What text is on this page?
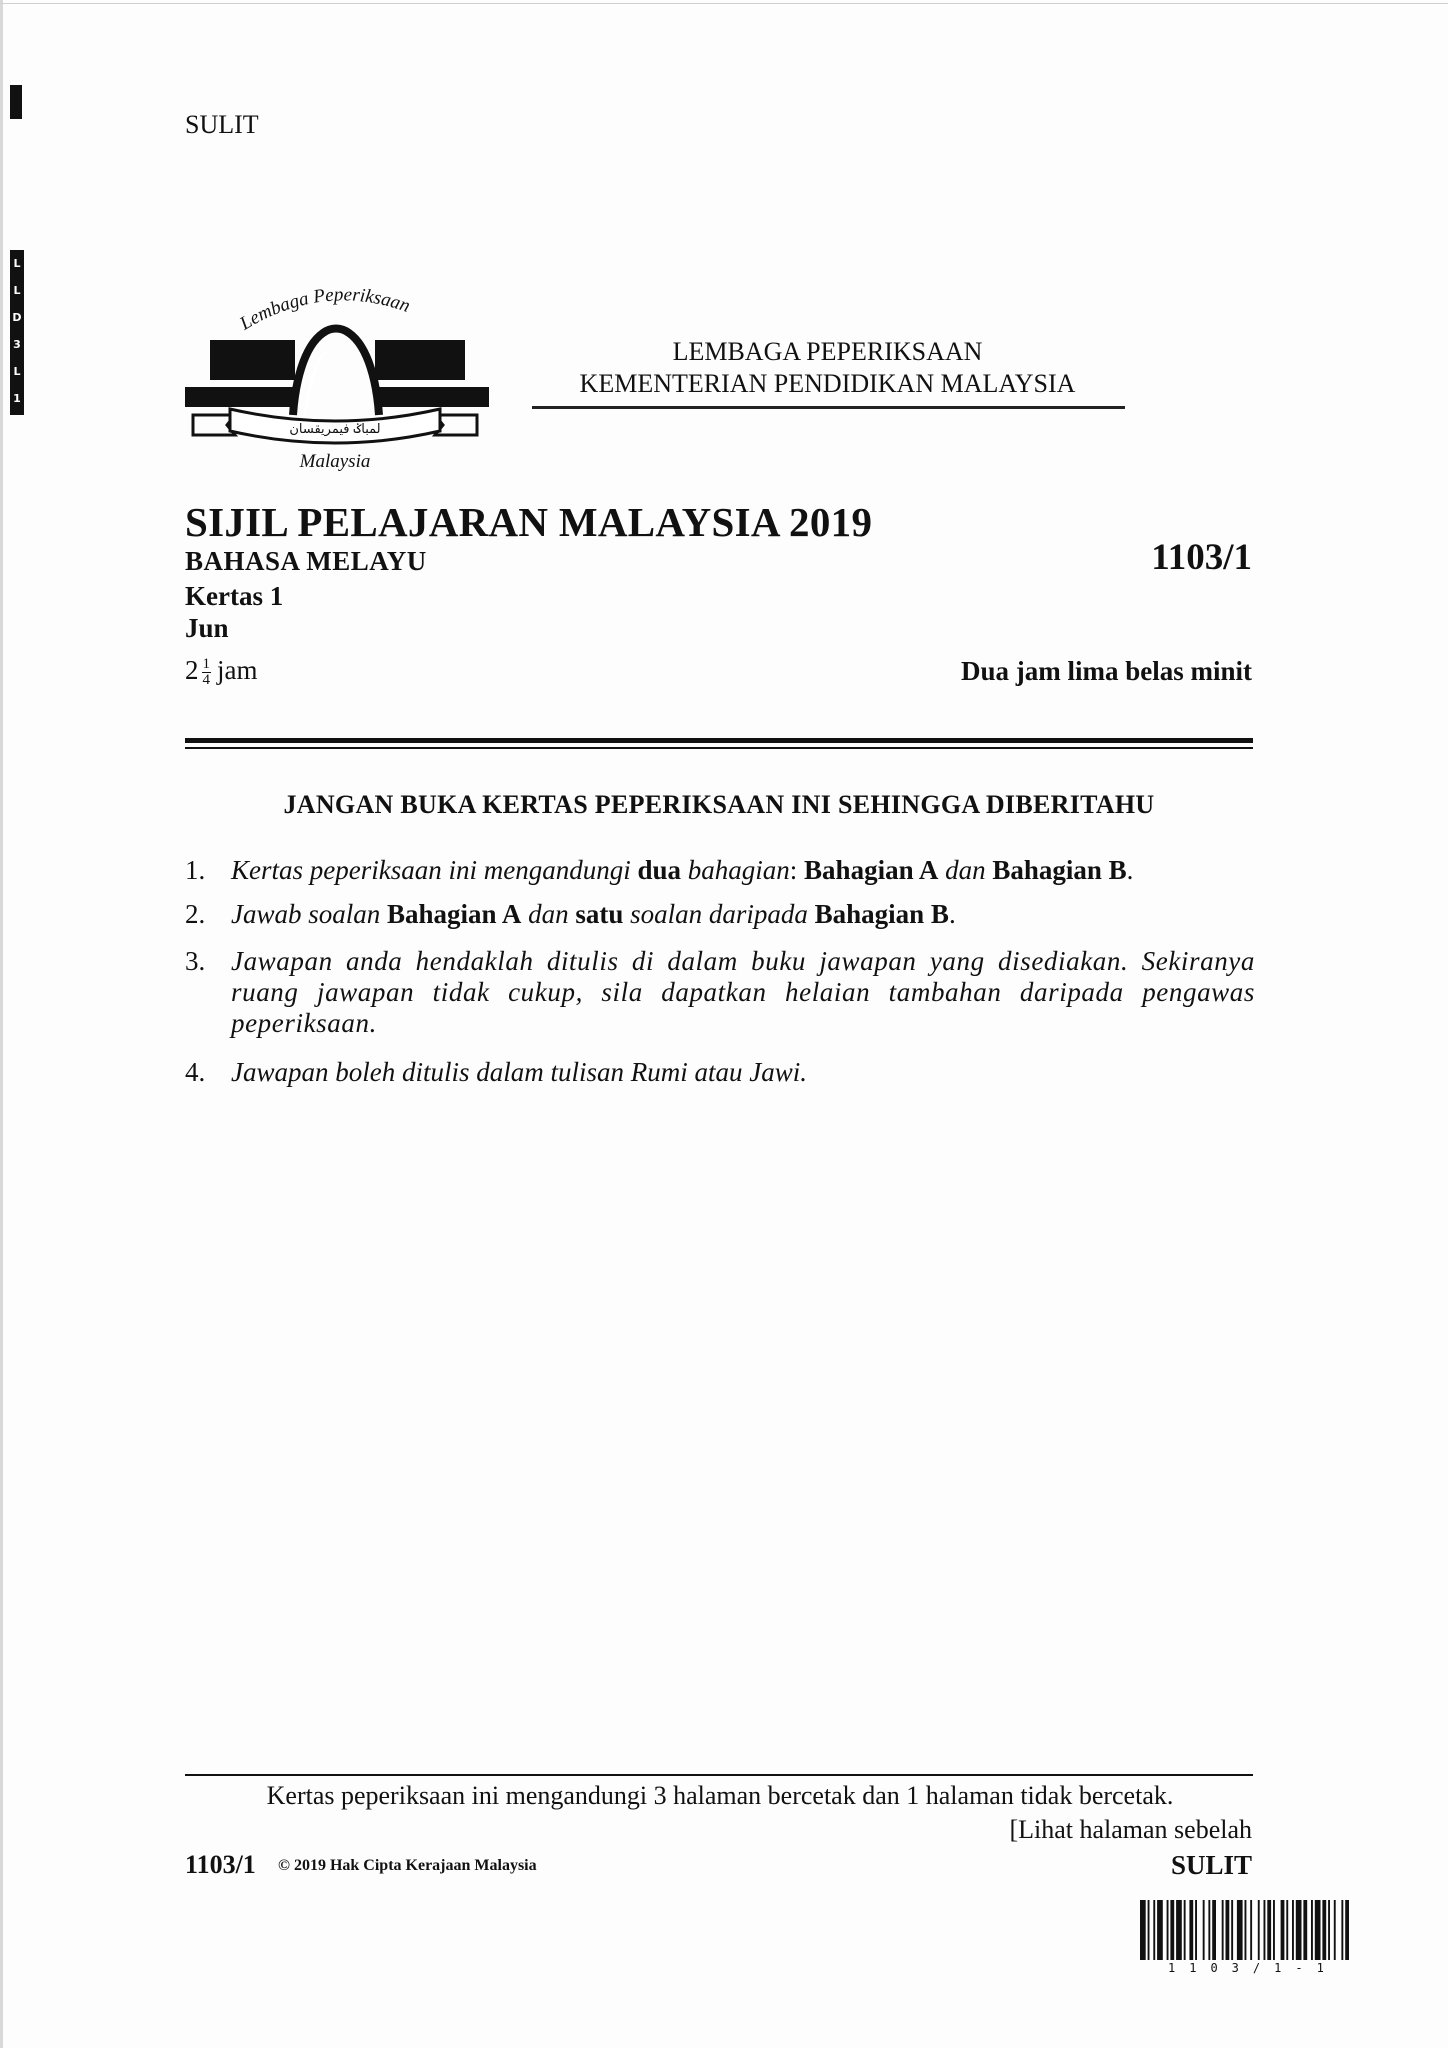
L
L
D
3
L
1
SULIT
Lembaga Peperiksaan
ﻟﻤﺒﺎݢ ﻓﻴﻤﺮﻳﻘﺴﺎن
Malaysia
LEMBAGA PEPERIKSAAN
KEMENTERIAN PENDIDIKAN MALAYSIA
SIJIL PELAJARAN MALAYSIA 2019
BAHASA MELAYU	1103/1
Kertas 1
Jun
$2 \frac{1}{4}$ jam	Dua jam lima belas minit
JANGAN BUKA KERTAS PEPERIKSAAN INI SEHINGGA DIBERITAHU
1. Kertas peperiksaan ini mengandungi dua bahagian: Bahagian A dan Bahagian B.
2. Jawab soalan Bahagian A dan satu soalan daripada Bahagian B.
3. Jawapan anda hendaklah ditulis di dalam buku jawapan yang disediakan. Sekiranya ruang jawapan tidak cukup, sila dapatkan helaian tambahan daripada pengawas peperiksaan.
4. Jawapan boleh ditulis dalam tulisan Rumi atau Jawi.
Kertas peperiksaan ini mengandungi 3 halaman bercetak dan 1 halaman tidak bercetak.
[Lihat halaman sebelah
1103/1 © 2019 Hak Cipta Kerajaan Malaysia	SULIT
1103/1-1
